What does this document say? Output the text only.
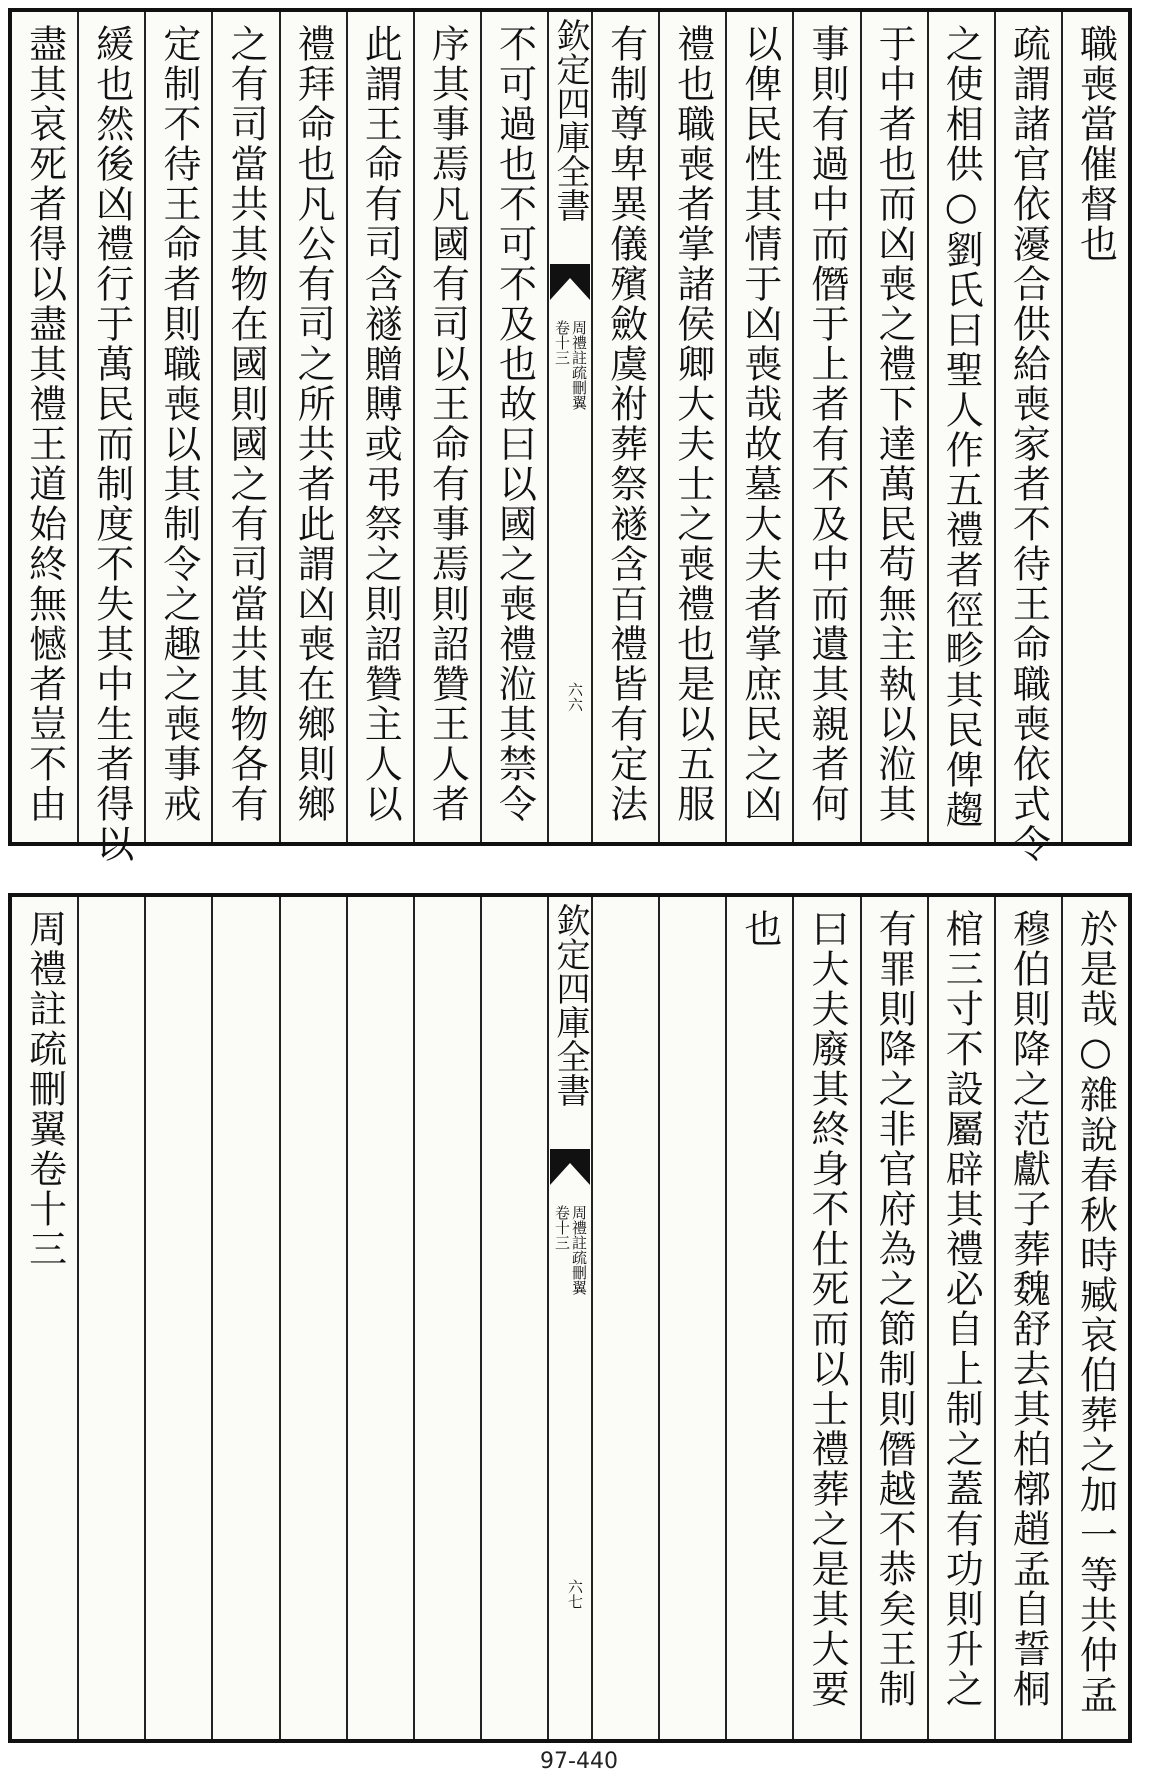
職喪當催督也
疏謂諸官依瀀合供給喪家者不待王命職喪依式令
之使相供○劉氏曰聖人作五禮者徑畛其民俾趨
于中者也而凶喪之禮下達萬民苟無主執以涖其
事則有過中而僭于上者有不及中而遺其親者何
以俾民性其情于凶喪哉故墓大夫者掌庶民之凶
禮也職喪者掌諸侯卿大夫士之喪禮也是以五服
有制尊卑異儀殯斂虞祔葬祭禭含百禮皆有定法
欽定四庫全書
周禮註疏刪翼
卷十三
六六
不可過也不可不及也故曰以國之喪禮涖其禁令
序其事焉凡國有司以王命有事焉則詔贊王人者
此謂王命有司含禭贈賻或弔祭之則詔贊主人以
禮拜命也凡公有司之所共者此謂凶喪在鄉則鄉
之有司當共其物在國則國之有司當共其物各有
定制不待王命者則職喪以其制令之趣之喪事戒
緩也然後凶禮行于萬民而制度不失其中生者得以
盡其哀死者得以盡其禮王道始終無憾者豈不由
於是哉○雜說春秋時臧哀伯葬之加一等共仲孟
穆伯則降之范獻子葬魏舒去其柏槨趙孟自誓桐
棺三寸不設屬辟其禮必自上制之蓋有功則升之
有罪則降之非官府為之節制則僭越不恭矣王制
曰大夫廢其終身不仕死而以士禮葬之是其大要
也
欽定四庫全書
周禮註疏刪翼
卷十三
六七
周禮註疏刪翼卷十三
97-440
